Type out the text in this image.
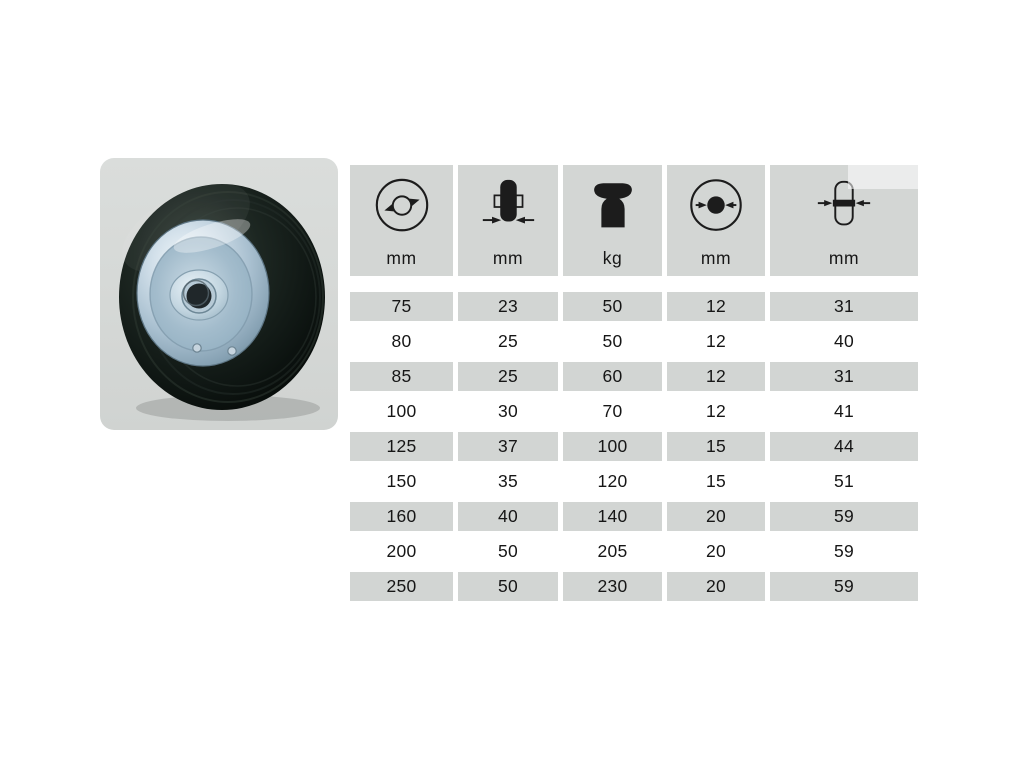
mm	mm	kg	mm	mm
75	23	50	12	31
80	25	50	12	40
85	25	60	12	31
100	30	70	12	41
125	37	100	15	44
150	35	120	15	51
160	40	140	20	59
200	50	205	20	59
250	50	230	20	59
